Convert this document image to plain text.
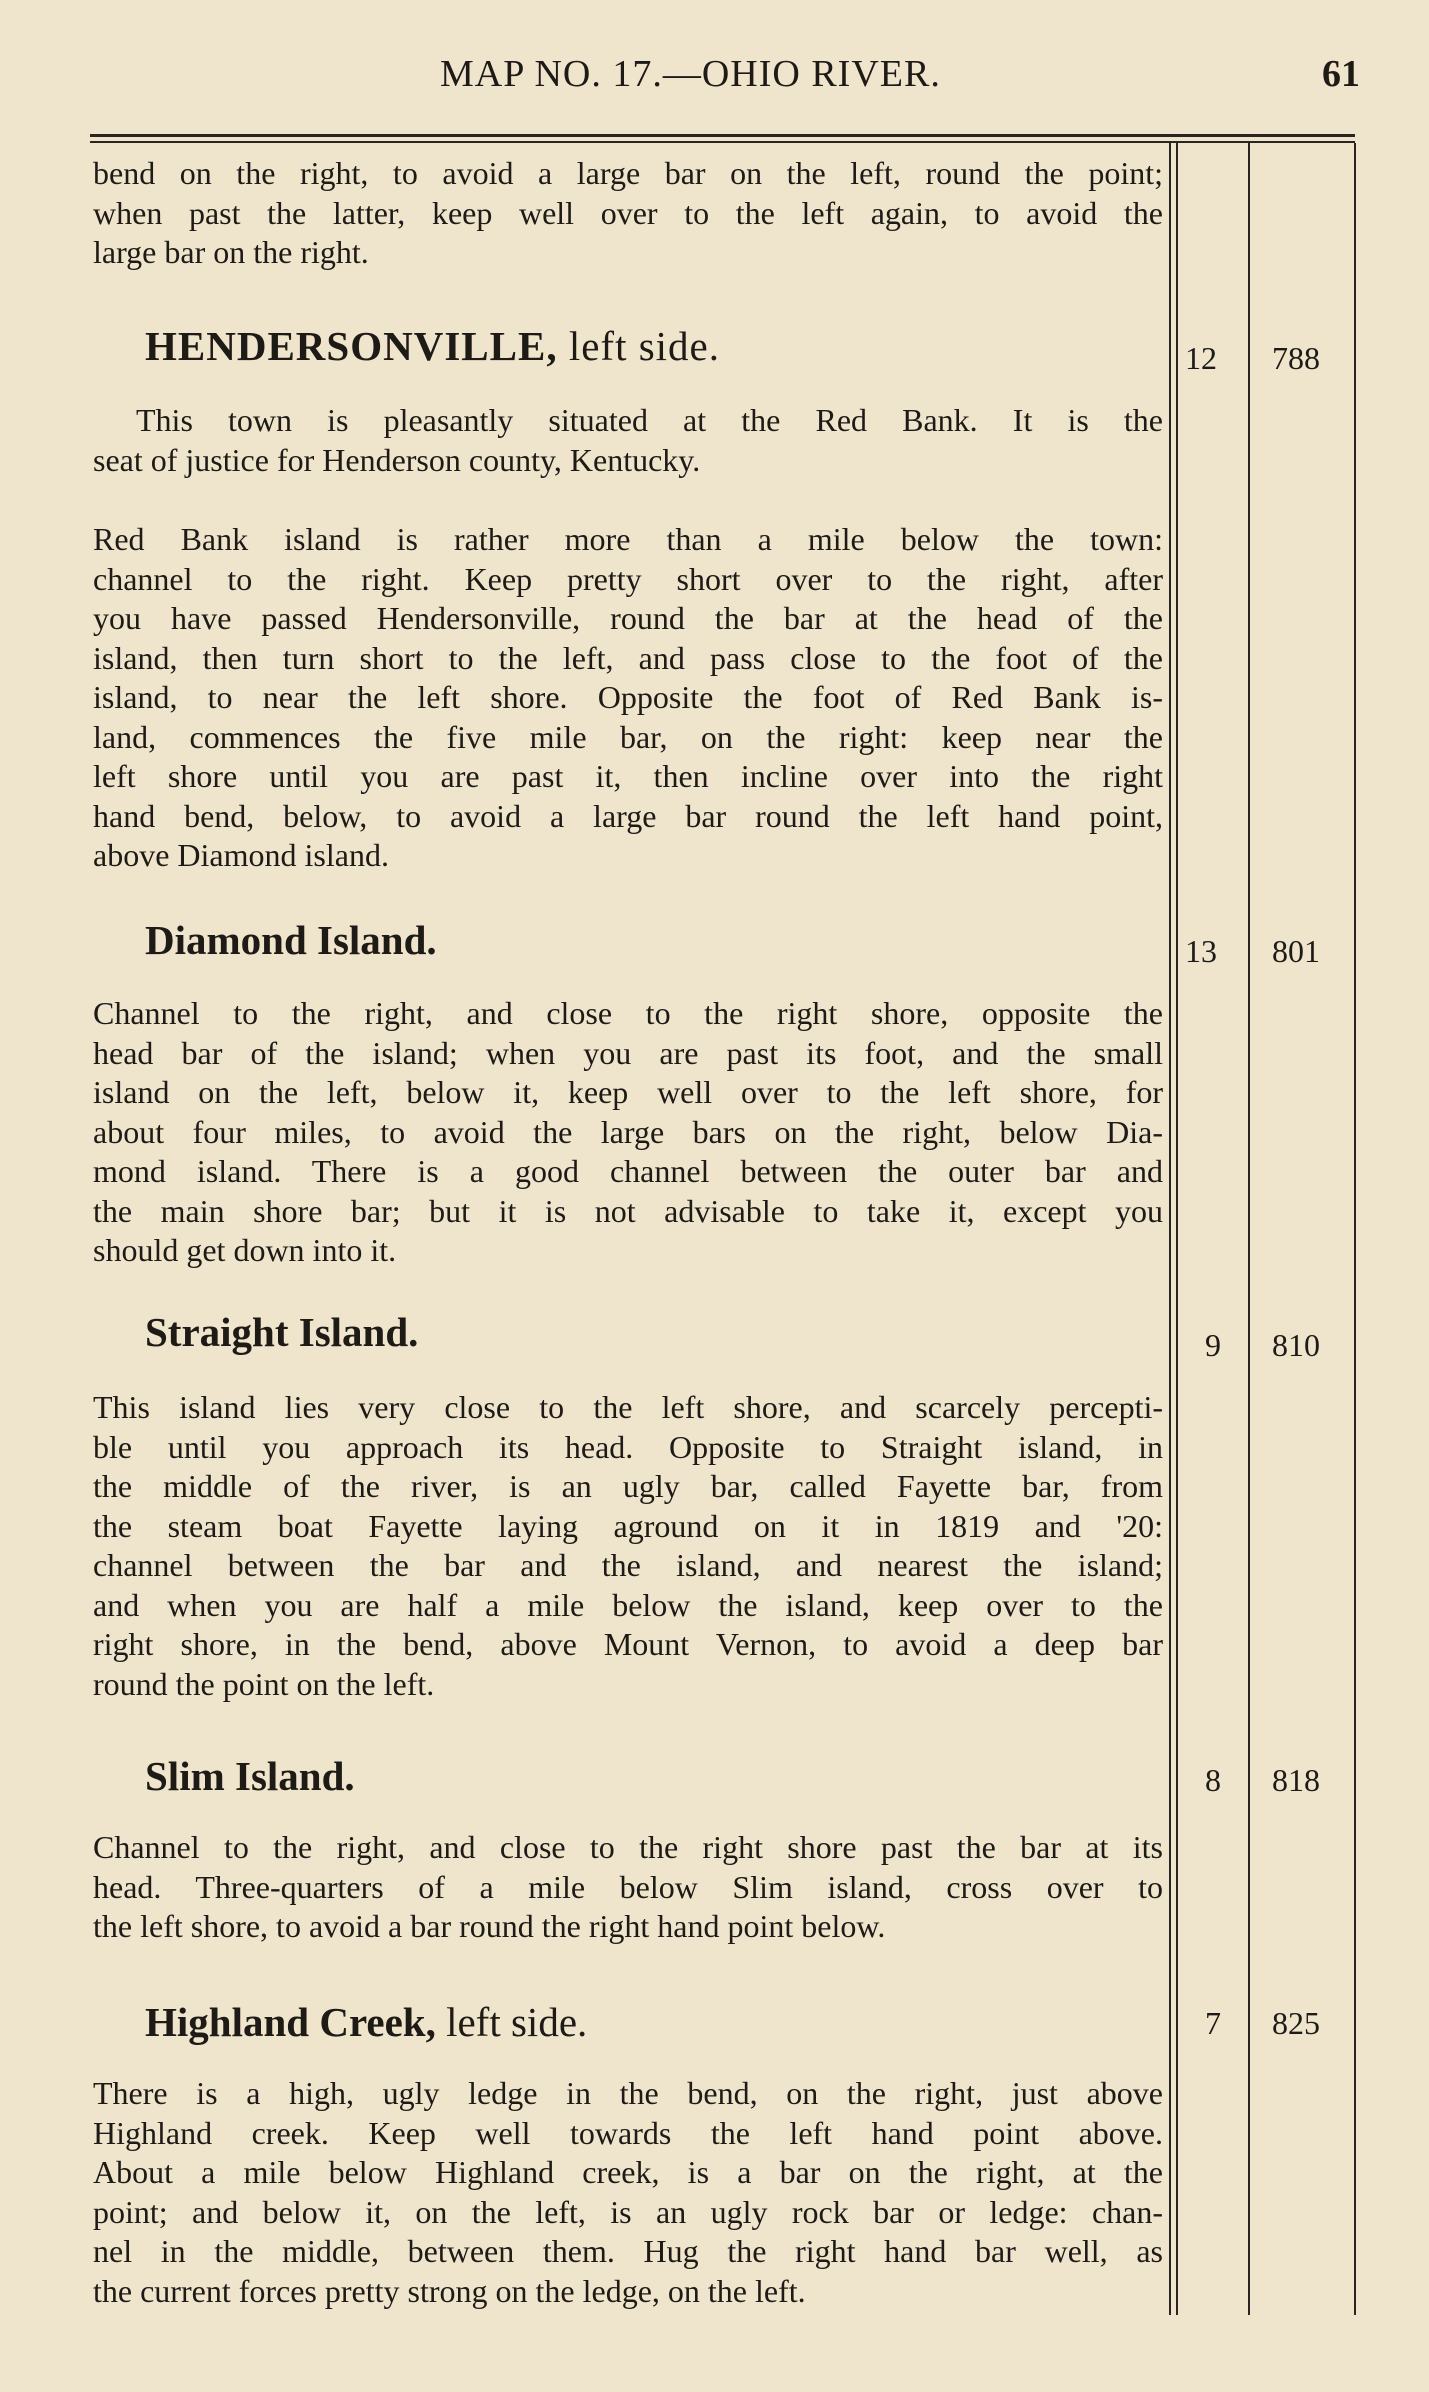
MAP NO. 17.—OHIO RIVER.	61
bend on the right, to avoid a large bar on the left, round the point;
when past the latter, keep well over to the left again, to avoid the
large bar on the right.
HENDERSONVILLE, left side.	12 788
This town is pleasantly situated at the Red Bank. It is the
seat of justice for Henderson county, Kentucky.
Red Bank island is rather more than a mile below the town:
channel to the right. Keep pretty short over to the right, after
you have passed Hendersonville, round the bar at the head of the
island, then turn short to the left, and pass close to the foot of the
island, to near the left shore. Opposite the foot of Red Bank is-
land, commences the five mile bar, on the right: keep near the
left shore until you are past it, then incline over into the right
hand bend, below, to avoid a large bar round the left hand point,
above Diamond island.
Diamond Island.	13 801
Channel to the right, and close to the right shore, opposite the
head bar of the island; when you are past its foot, and the small
island on the left, below it, keep well over to the left shore, for
about four miles, to avoid the large bars on the right, below Dia-
mond island. There is a good channel between the outer bar and
the main shore bar; but it is not advisable to take it, except you
should get down into it.
Straight Island.	9 810
This island lies very close to the left shore, and scarcely percepti-
ble until you approach its head. Opposite to Straight island, in
the middle of the river, is an ugly bar, called Fayette bar, from
the steam boat Fayette laying aground on it in 1819 and '20:
channel between the bar and the island, and nearest the island;
and when you are half a mile below the island, keep over to the
right shore, in the bend, above Mount Vernon, to avoid a deep bar
round the point on the left.
Slim Island.	8 818
Channel to the right, and close to the right shore past the bar at its
head. Three-quarters of a mile below Slim island, cross over to
the left shore, to avoid a bar round the right hand point below.
Highland Creek, left side.	7 825
There is a high, ugly ledge in the bend, on the right, just above
Highland creek. Keep well towards the left hand point above.
About a mile below Highland creek, is a bar on the right, at the
point; and below it, on the left, is an ugly rock bar or ledge: chan-
nel in the middle, between them. Hug the right hand bar well, as
the current forces pretty strong on the ledge, on the left.
